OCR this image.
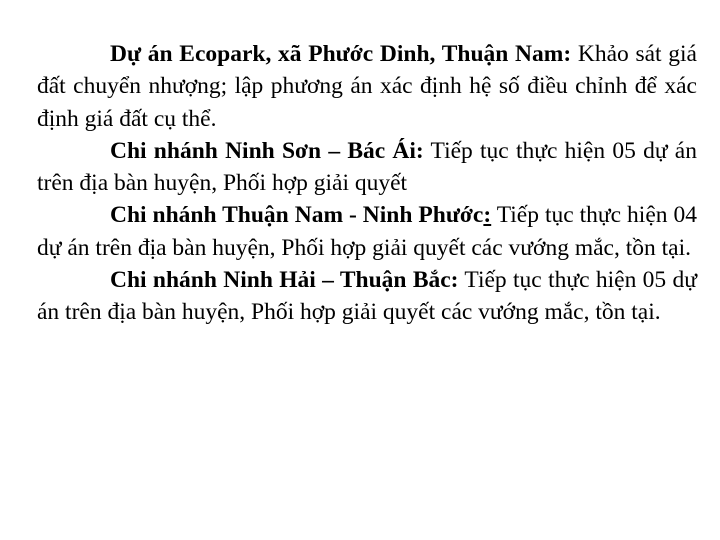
Dự án Ecopark, xã Phước Dinh, Thuận Nam: Khảo sát giá đất chuyển nhượng; lập phương án xác định hệ số điều chỉnh để xác định giá đất cụ thể.

Chi nhánh Ninh Sơn – Bác Ái: Tiếp tục thực hiện 05 dự án trên địa bàn huyện, Phối hợp giải quyết

Chi nhánh Thuận Nam - Ninh Phước: Tiếp tục thực hiện 04 dự án trên địa bàn huyện, Phối hợp giải quyết các vướng mắc, tồn tại.

Chi nhánh Ninh Hải – Thuận Bắc: Tiếp tục thực hiện 05 dự án trên địa bàn huyện, Phối hợp giải quyết các vướng mắc, tồn tại.
